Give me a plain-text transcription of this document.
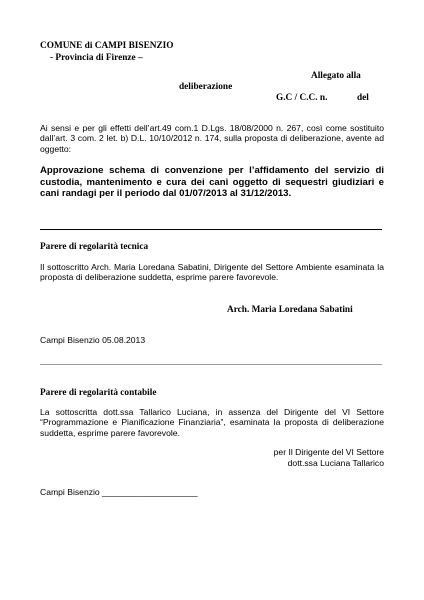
COMUNE di CAMPI BISENZIO
- Provincia di Firenze –
Allegato alla
deliberazione
G.C / C.C. n.	del
Ai sensi e per gli effetti dell’art.49 com.1 D.Lgs. 18/08/2000 n. 267, così come sostituito dall’art. 3 com. 2 let. b) D.L. 10/10/2012 n. 174, sulla proposta di deliberazione, avente ad oggetto:
Approvazione schema di convenzione per l’affidamento del servizio di custodia, mantenimento e cura dei cani oggetto di sequestri giudiziari e cani randagi per il periodo dal 01/07/2013 al 31/12/2013.
Parere di regolarità tecnica
Il sottoscritto Arch. Maria Loredana Sabatini, Dirigente del Settore Ambiente esaminata la proposta di deliberazione suddetta, esprime parere favorevole.
Arch. Maria Loredana Sabatini
Campi Bisenzio 05.08.2013
Parere di regolarità contabile
La sottoscritta dott.ssa Tallarico Luciana, in assenza del Dirigente del VI Settore “Programmazione e Pianificazione Finanziaria”, esaminata la proposta di deliberazione suddetta, esprime parere favorevole.
per Il Dirigente del VI Settore
dott.ssa Luciana Tallarico
Campi Bisenzio ____________________
